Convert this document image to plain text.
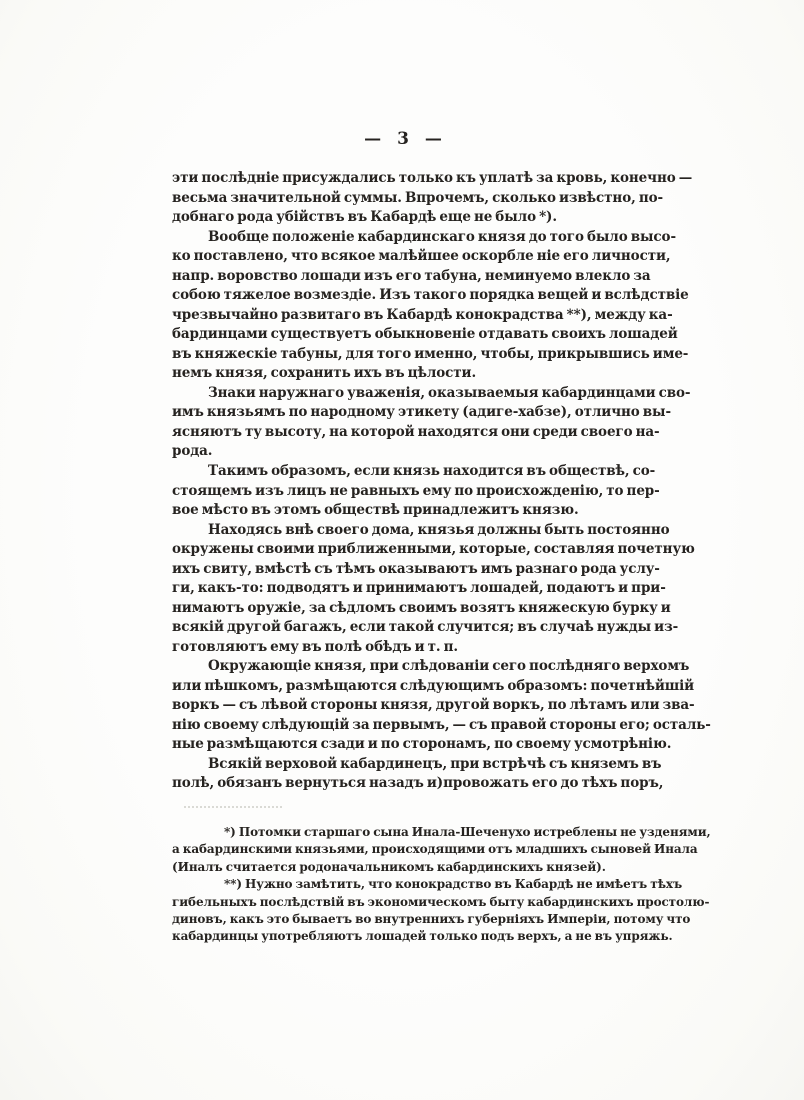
— 3 —
эти послѣдніе присуждались только къ уплатѣ за кровь, конечно —
весьма значительной суммы. Впрочемъ, сколько извѣстно, по-
добнаго рода убійствъ въ Кабардѣ еще не было *).
Вообще положеніе кабардинскаго князя до того было высо-
ко поставлено, что всякое малѣйшее оскорбле ніе его личности,
напр. воровство лошади изъ его табуна, неминуемо влекло за
собою тяжелое возмездіе. Изъ такого порядка вещей и вслѣдствіе
чрезвычайно развитаго въ Кабардѣ конокрадства **), между ка-
бардинцами существуетъ обыкновеніе отдавать своихъ лошадей
въ княжескіе табуны, для того именно, чтобы, прикрывшись име-
немъ князя, сохранить ихъ въ цѣлости.
Знаки наружнаго уваженія, оказываемыя кабардинцами сво-
имъ князьямъ по народному этикету (адиге-хабзе), отлично вы-
ясняютъ ту высоту, на которой находятся они среди своего на-
рода.
Такимъ образомъ, если князь находится въ обществѣ, со-
стоящемъ изъ лицъ не равныхъ ему по происхожденію, то пер-
вое мѣсто въ этомъ обществѣ принадлежитъ князю.
Находясь внѣ своего дома, князья должны быть постоянно
окружены своими приближенными, которые, составляя почетную
ихъ свиту, вмѣстѣ съ тѣмъ оказываютъ имъ разнаго рода услу-
ги, какъ-то: подводятъ и принимаютъ лошадей, подаютъ и при-
нимаютъ оружіе, за сѣдломъ своимъ возятъ княжескую бурку и
всякій другой багажъ, если такой случится; въ случаѣ нужды из-
готовляютъ ему въ полѣ обѣдъ и т. п.
Окружающіе князя, при слѣдованіи сего послѣдняго верхомъ
или пѣшкомъ, размѣщаются слѣдующимъ образомъ: почетнѣйшій
воркъ — съ лѣвой стороны князя, другой воркъ, по лѣтамъ или зва-
нію своему слѣдующій за первымъ, — съ правой стороны его; осталь-
ные размѣщаются сзади и по сторонамъ, по своему усмотрѣнію.
Всякій верховой кабардинецъ, при встрѣчѣ съ княземъ въ
полѣ, обязанъ вернуться назадъ и)провожать его до тѣхъ поръ,
*) Потомки старшаго сына Инала-Шеченухо истреблены не узденями,
а кабардинскими князьями, происходящими отъ младшихъ сыновей Инала
(Иналъ считается родоначальникомъ кабардинскихъ князей).
**) Нужно замѣтить, что конокрадство въ Кабардѣ не имѣетъ тѣхъ
гибельныхъ послѣдствій въ экономическомъ быту кабардинскихъ простолю-
диновъ, какъ это бываетъ во внутреннихъ губерніяхъ Имперіи, потому что
кабардинцы употребляютъ лошадей только подъ верхъ, а не въ упряжь.
